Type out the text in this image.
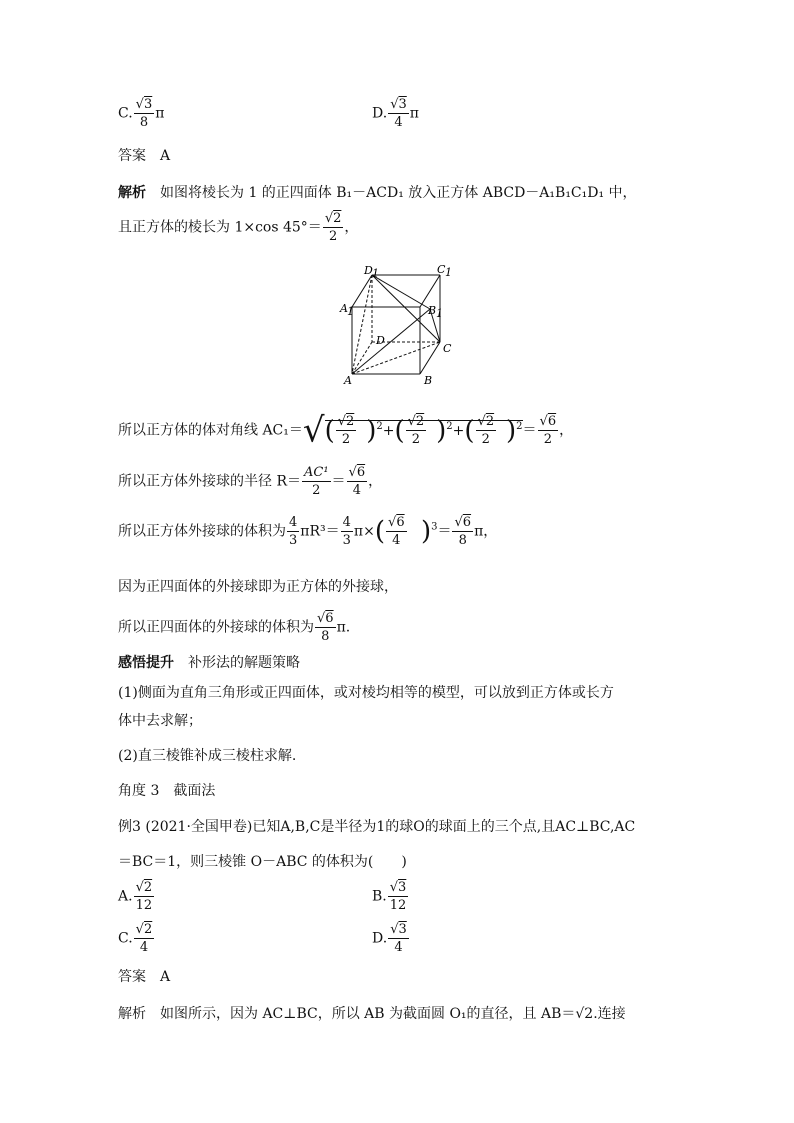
C. $\frac{√3}{8}$ π	D. $\frac{√3}{4}$ π
答案　A
解析　 如图将棱长为 1 的正四面体 B₁－ACD₁ 放入正方体 ABCD－A₁B₁C₁D₁ 中，
且正方体的棱长为 1×cos $45^\circ= \frac{√2}{2}$ ，
D 1	C 1
A 1	B 1
D
C
A	B
所以正方体的体对角线 $AC_1=√( \frac{√2}{2} )^2+( \frac{√2}{2} )^2+( \frac{√2}{2} )^2= \frac{√6}{2}$ ，
所以正方体外接球的半径 $R= \frac{\text{AC¹}}{2} = \frac{√6}{4}$ ，
所以正方体外接球的体积为 $\frac{4}{3} \pi R^3= \frac{4}{3} \pi\times( \frac{√6}{4} )^3= \frac{√6}{8}$ π，
因为正四面体的外接球即为正方体的外接球，
所以正四面体的外接球的体积为 $\frac{√6}{8} \pi$.
感悟提升　 补形法的解题策略
(1)侧面为直角三角形或正四面体，或对棱均相等的模型，可以放到正方体或长方
体中去求解；
(2)直三棱锥补成三棱柱求解.
角度 3　截面法
例3 (2021·全国甲卷)已知A,B,C是半径为1的球O的球面上的三个点,且AC⊥BC,AC
＝BC＝1，则三棱锥 O－ABC 的体积为(　　)
A. $\frac{√2}{12}$	B. $\frac{√3}{12}$
C. $\frac{√2}{4}$	D. $\frac{√3}{4}$
答案　A
解析　如图所示，因为 AC⊥BC，所以 AB 为截面圆 O₁的直径，且 AB＝√2.连接
